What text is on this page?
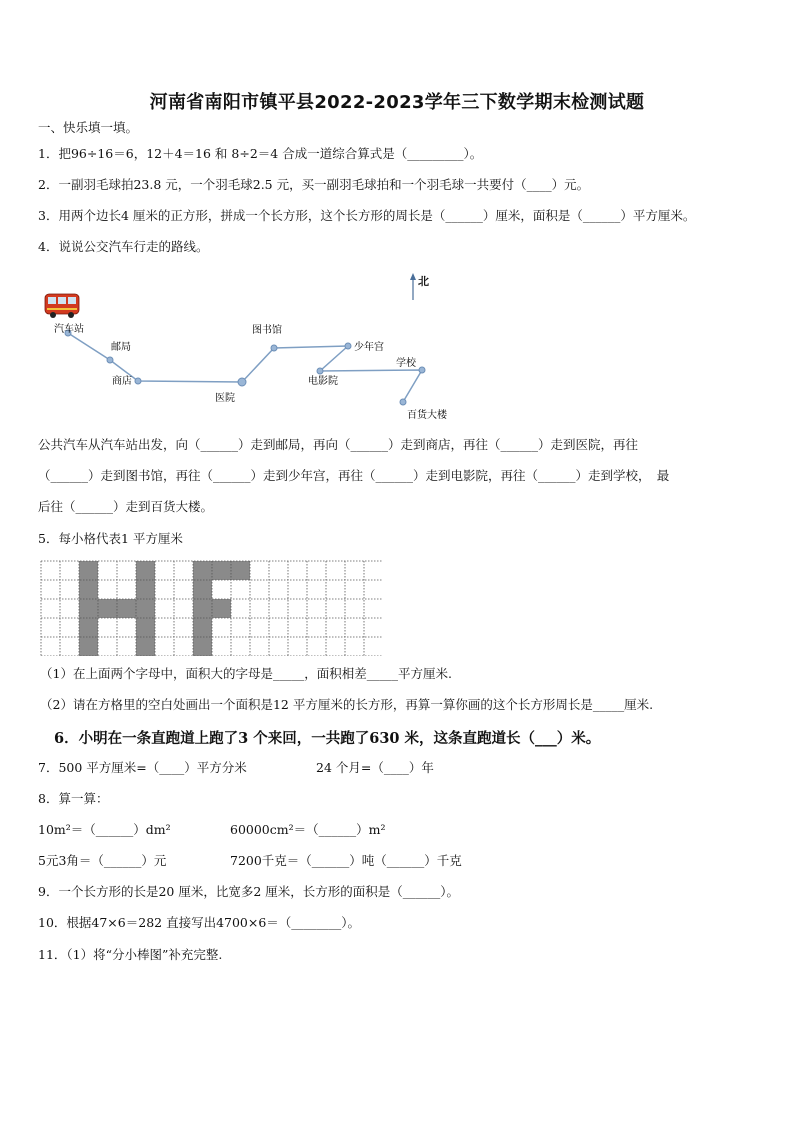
河南省南阳市镇平县2022-2023学年三下数学期末检测试题
一、快乐填一填。
1．把96÷16＝6，12＋4＝16 和 8÷2＝4 合成一道综合算式是（_________）。
2．一副羽毛球拍23.8 元，一个羽毛球2.5 元，买一副羽毛球拍和一个羽毛球一共要付（____）元。
3．用两个边长4 厘米的正方形，拼成一个长方形，这个长方形的周长是（______）厘米，面积是（______）平方厘米。
4．说说公交汽车行走的路线。
北
汽车站
邮局
商店
医院
图书馆
少年宫
电影院
学校
百货大楼
公共汽车从汽车站出发，向（______）走到邮局，再向（______）走到商店，再往（______）走到医院，再往
（______）走到图书馆，再往（______）走到少年宫，再往（______）走到电影院，再往（______）走到学校，　最
后往（______）走到百货大楼。
5．每小格代表1 平方厘米
（1）在上面两个字母中，面积大的字母是_____，面积相差_____平方厘米.
（2）请在方格里的空白处画出一个面积是12 平方厘米的长方形，再算一算你画的这个长方形周长是_____厘米.
6．小明在一条直跑道上跑了3 个来回，一共跑了630 米，这条直跑道长（___）米。
7．500 平方厘米=（____）平方分米	24 个月=（____）年
8．算一算：
10m²＝（______）dm²	60000cm²＝（______）m²
5元3角＝（______）元	7200千克＝（______）吨（______）千克
9．一个长方形的长是20 厘米，比宽多2 厘米，长方形的面积是（______）。
10．根据47×6＝282 直接写出4700×6＝（________）。
11．（1）将“分小棒图”补充完整.
